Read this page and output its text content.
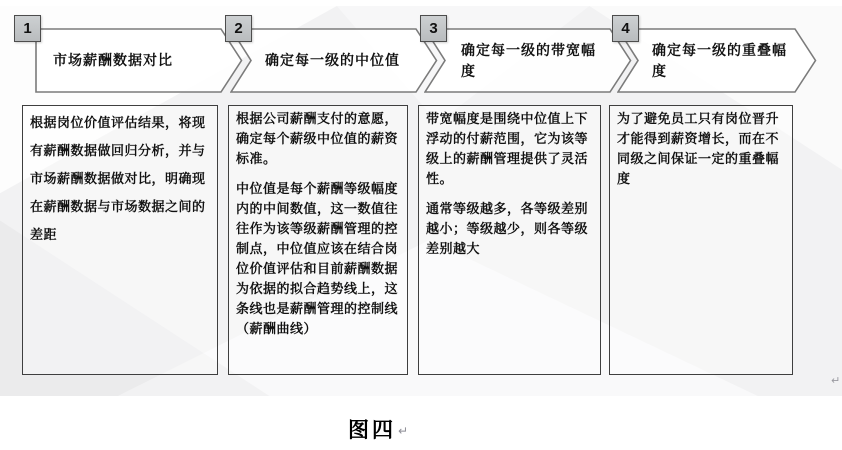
1
市场薪酬数据对比

根据岗位价值评估结果，将现有薪酬数据做回归分析，并与市场薪酬数据做对比，明确现在薪酬数据与市场数据之间的差距

2
确定每一级的中位值

根据公司薪酬支付的意愿，确定每个薪级中位值的薪资标准。

中位值是每个薪酬等级幅度内的中间数值，这一数值往往作为该等级薪酬管理的控制点，中位值应该在结合岗位价值评估和目前薪酬数据为依据的拟合趋势线上，这条线也是薪酬管理的控制线（薪酬曲线）

3
确定每一级的带宽幅度

带宽幅度是围绕中位值上下浮动的付薪范围，它为该等级上的薪酬管理提供了灵活性。

通常等级越多，各等级差别越小；等级越少，则各等级差别越大

4
确定每一级的重叠幅度

为了避免员工只有岗位晋升才能得到薪资增长，而在不同级之间保证一定的重叠幅度

↵
图四 ↵
